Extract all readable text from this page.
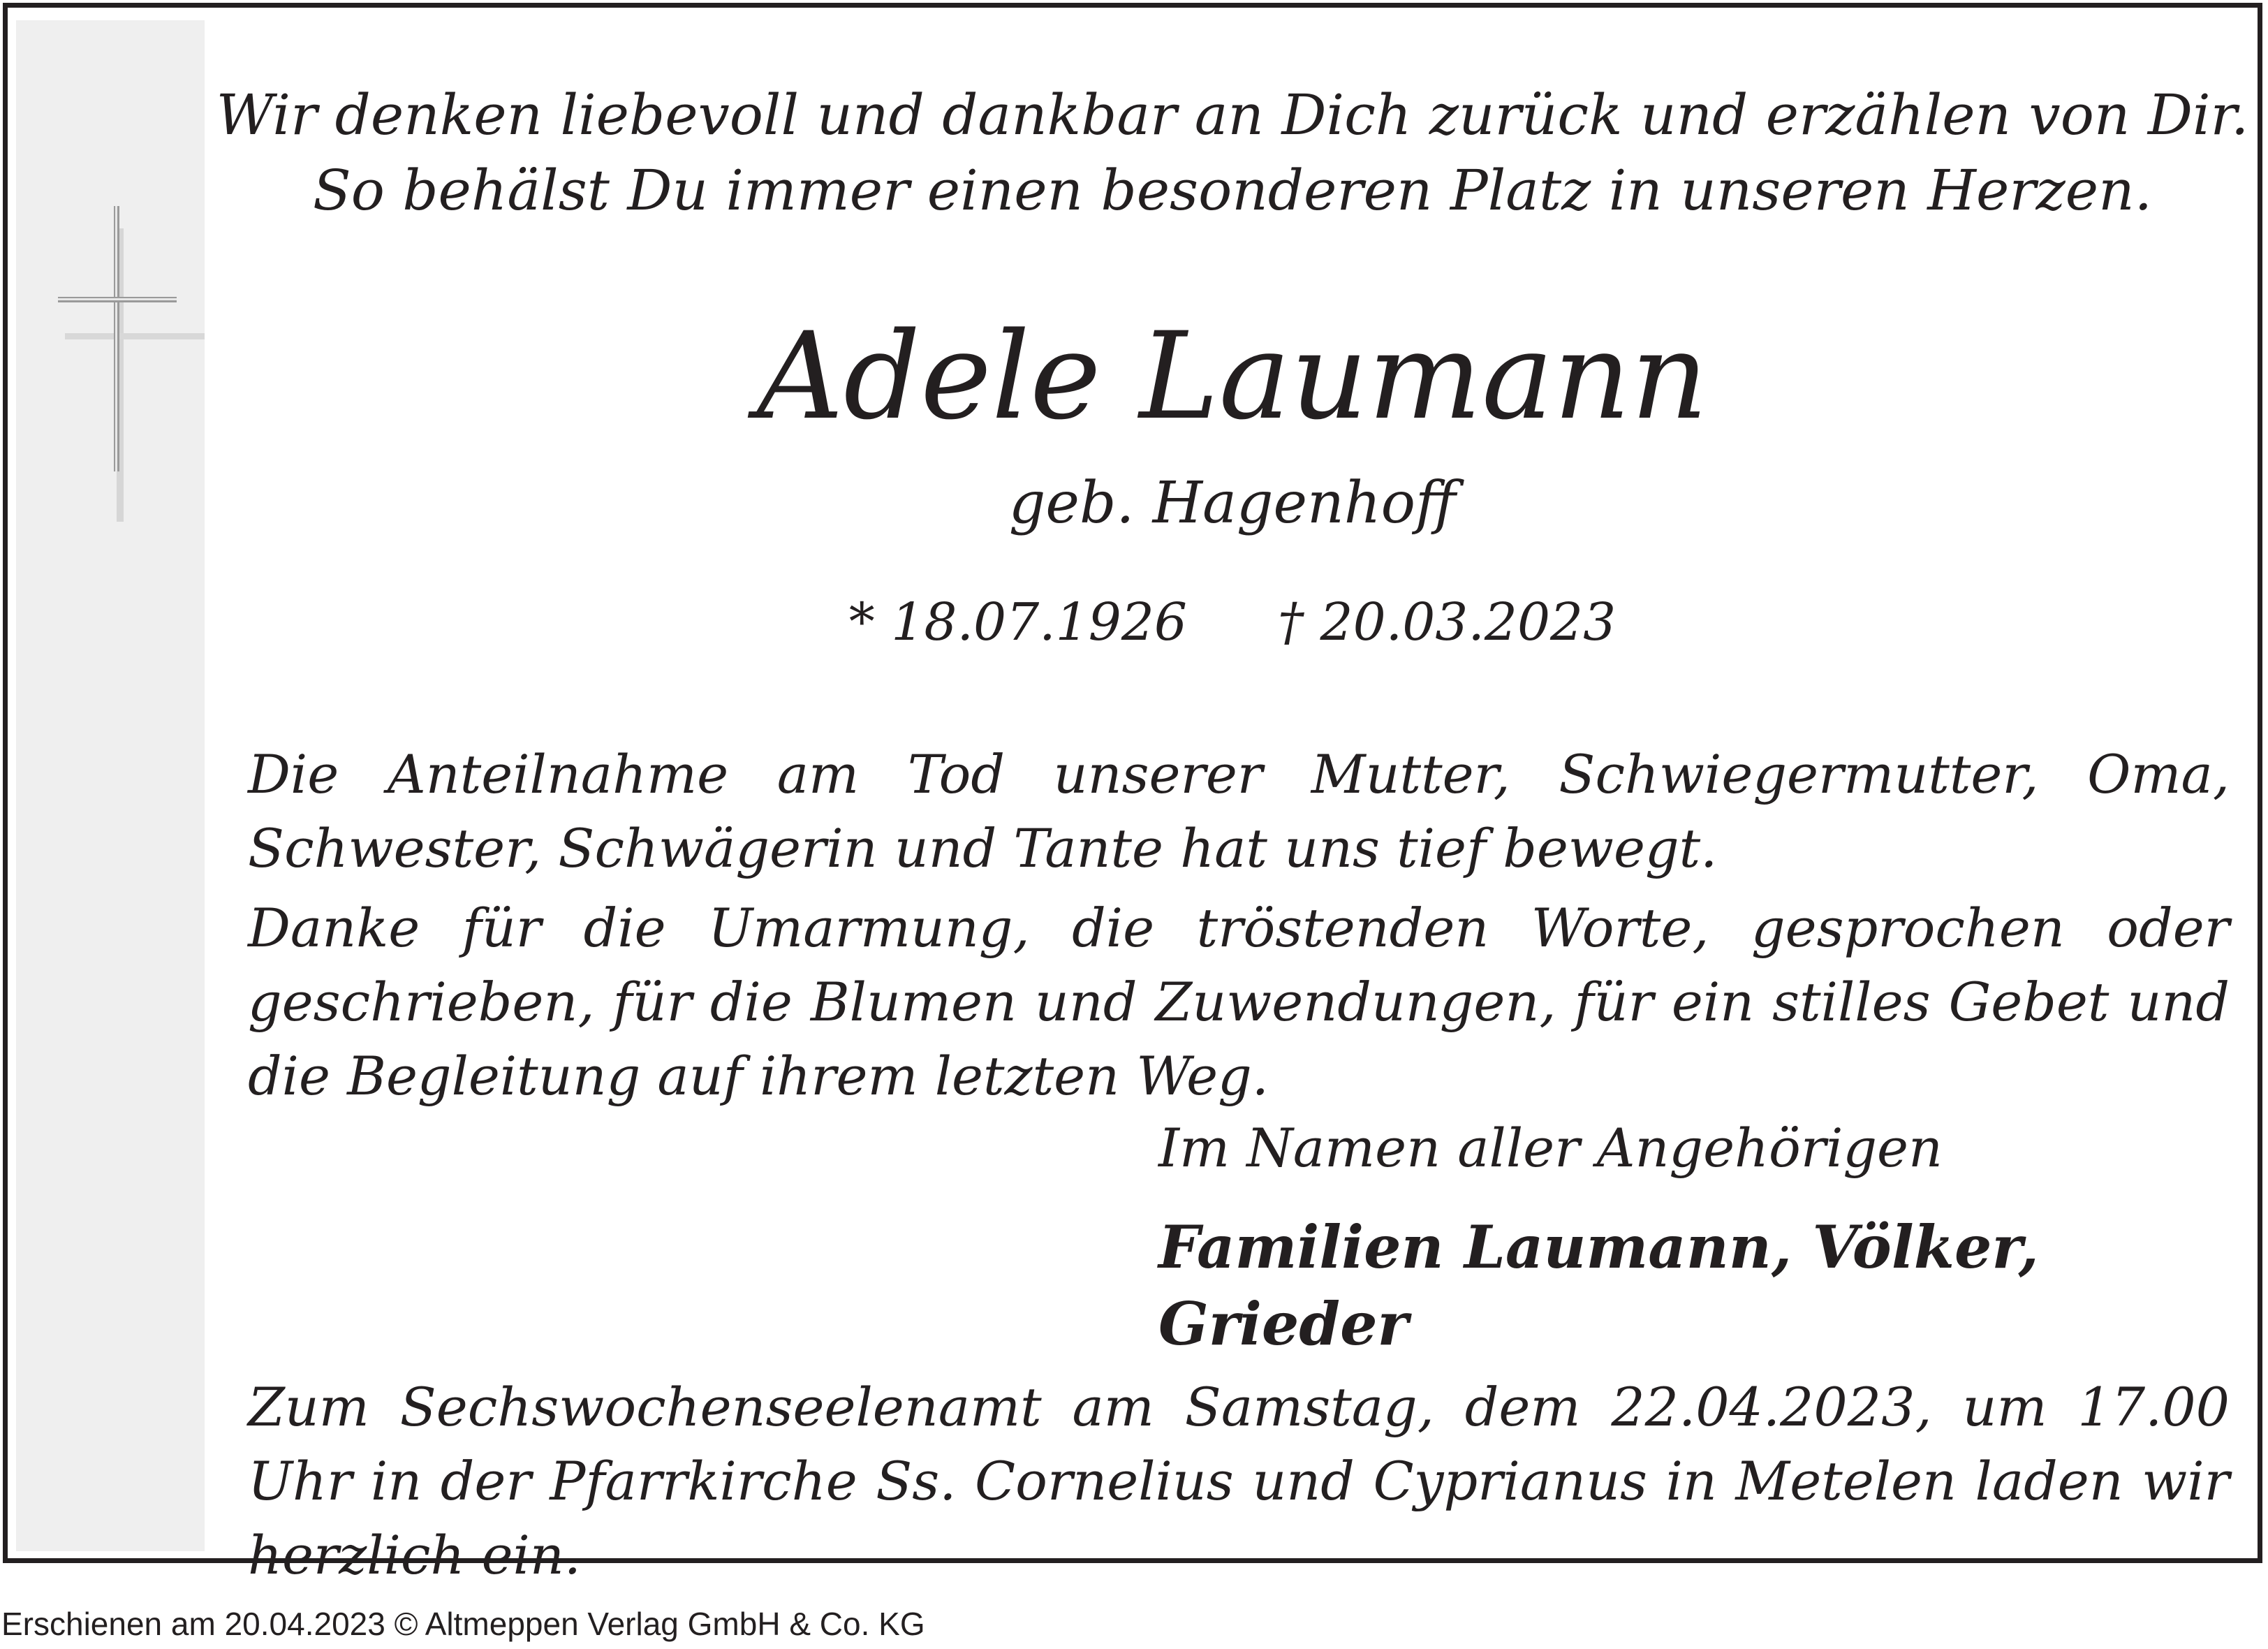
Wir denken liebevoll und dankbar an Dich zurück und erzählen von Dir.
So behälst Du immer einen besonderen Platz in unseren Herzen.
Adele Laumann
geb. Hagenhoff
* 18.07.1926 † 20.03.2023
Die Anteilnahme am Tod unserer Mutter, Schwiegermutter, Oma, Schwester, Schwägerin und Tante hat uns tief bewegt.
Danke für die Umarmung, die tröstenden Worte, gesprochen oder geschrieben, für die Blumen und Zuwendungen, für ein stilles Gebet und die Begleitung auf ihrem letzten Weg.
Im Namen aller Angehörigen
Familien Laumann, Völker, Grieder
Zum Sechswochenseelenamt am Samstag, dem 22.04.2023, um 17.00 Uhr in der Pfarrkirche Ss. Cornelius und Cyprianus in Metelen laden wir herzlich ein.
Erschienen am 20.04.2023 © Altmeppen Verlag GmbH & Co. KG
